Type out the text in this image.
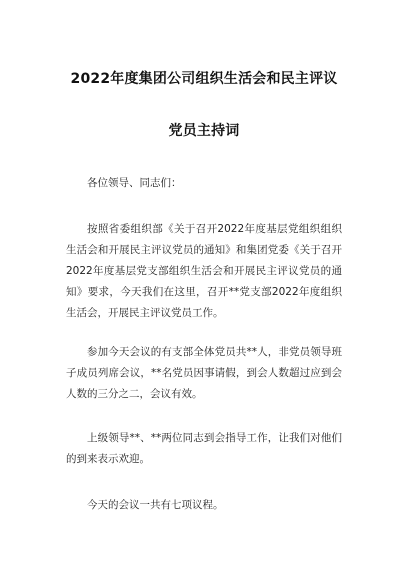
2022年度集团公司组织生活会和民主评议
党员主持词
各位领导、同志们：

按照省委组织部《关于召开2022年度基层党组织组织生活会和开展民主评议党员的通知》和集团党委《关于召开2022年度基层党支部组织生活会和开展民主评议党员的通知》要求，今天我们在这里，召开**党支部2022年度组织生活会，开展民主评议党员工作。

参加今天会议的有支部全体党员共**人，非党员领导班子成员列席会议，**名党员因事请假，到会人数超过应到会人数的三分之二，会议有效。

上级领导**、**两位同志到会指导工作，让我们对他们的到来表示欢迎。

今天的会议一共有七项议程。
